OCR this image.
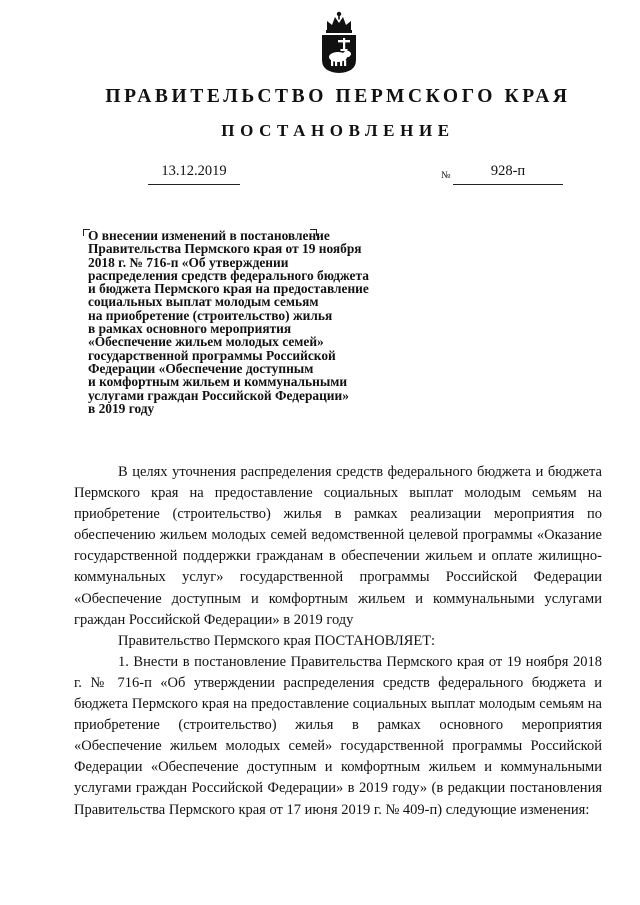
ПРАВИТЕЛЬСТВО ПЕРМСКОГО КРАЯ
ПОСТАНОВЛЕНИЕ
13.12.2019	№	928-п
О внесении изменений в постановление
Правительства Пермского края от 19 ноября
2018 г. № 716-п «Об утверждении
распределения средств федерального бюджета
и бюджета Пермского края на предоставление
социальных выплат молодым семьям
на приобретение (строительство) жилья
в рамках основного мероприятия
«Обеспечение жильем молодых семей»
государственной программы Российской
Федерации «Обеспечение доступным
и комфортным жильем и коммунальными
услугами граждан Российской Федерации»
в 2019 году

В целях уточнения распределения средств федерального бюджета и бюджета Пермского края на предоставление социальных выплат молодым семьям на приобретение (строительство) жилья в рамках реализации мероприятия по обеспечению жильем молодых семей ведомственной целевой программы «Оказание государственной поддержки гражданам в обеспечении жильем и оплате жилищно-коммунальных услуг» государственной программы Российской Федерации «Обеспечение доступным и комфортным жильем и коммунальными услугами граждан Российской Федерации» в 2019 году

Правительство Пермского края ПОСТАНОВЛЯЕТ:

1. Внести в постановление Правительства Пермского края от 19 ноября 2018 г. № 716-п «Об утверждении распределения средств федерального бюджета и бюджета Пермского края на предоставление социальных выплат молодым семьям на приобретение (строительство) жилья в рамках основного мероприятия «Обеспечение жильем молодых семей» государственной программы Российской Федерации «Обеспечение доступным и комфортным жильем и коммунальными услугами граждан Российской Федерации» в 2019 году» (в редакции постановления Правительства Пермского края от 17 июня 2019 г. № 409-п) следующие изменения:
